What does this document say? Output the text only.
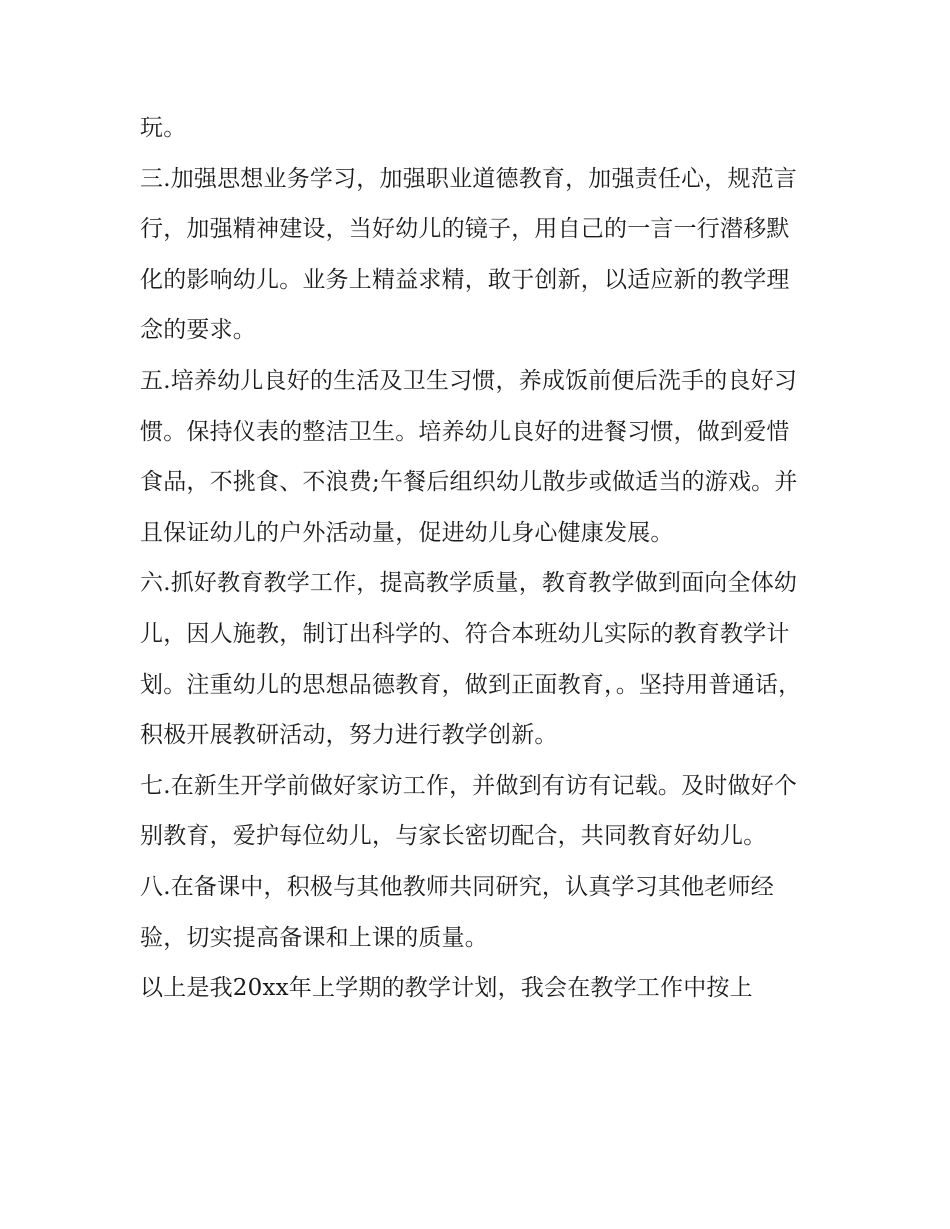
玩。

三.加强思想业务学习，加强职业道德教育，加强责任心，规范言行，加强精神建设，当好幼儿的镜子，用自己的一言一行潜移默化的影响幼儿。业务上精益求精，敢于创新，以适应新的教学理念的要求。

五.培养幼儿良好的生活及卫生习惯，养成饭前便后洗手的良好习惯。保持仪表的整洁卫生。培养幼儿良好的进餐习惯，做到爱惜食品，不挑食、不浪费;午餐后组织幼儿散步或做适当的游戏。并且保证幼儿的户外活动量，促进幼儿身心健康发展。

六.抓好教育教学工作，提高教学质量，教育教学做到面向全体幼儿，因人施教，制订出科学的、符合本班幼儿实际的教育教学计划。注重幼儿的思想品德教育，做到正面教育，。坚持用普通话，积极开展教研活动，努力进行教学创新。

七.在新生开学前做好家访工作，并做到有访有记载。及时做好个别教育，爱护每位幼儿，与家长密切配合，共同教育好幼儿。

八.在备课中，积极与其他教师共同研究，认真学习其他老师经验，切实提高备课和上课的质量。

以上是我20xx年上学期的教学计划，我会在教学工作中按上
